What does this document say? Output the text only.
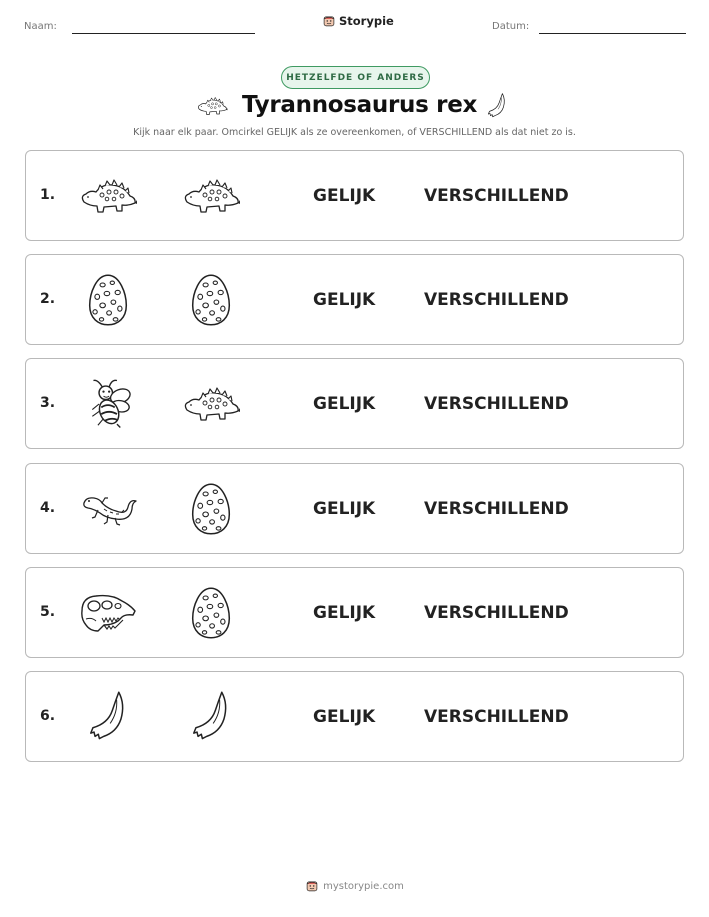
Naam:	Storypie	Datum:
HETZELFDE OF ANDERS
Tyrannosaurus rex

Kijk naar elk paar. Omcirkel GELIJK als ze overeenkomen, of VERSCHILLEND als dat niet zo is.

1.	GELIJK	VERSCHILLEND
2.	GELIJK	VERSCHILLEND
3.	GELIJK	VERSCHILLEND
4.	GELIJK	VERSCHILLEND
5.	GELIJK	VERSCHILLEND
6.	GELIJK	VERSCHILLEND
mystorypie.com
